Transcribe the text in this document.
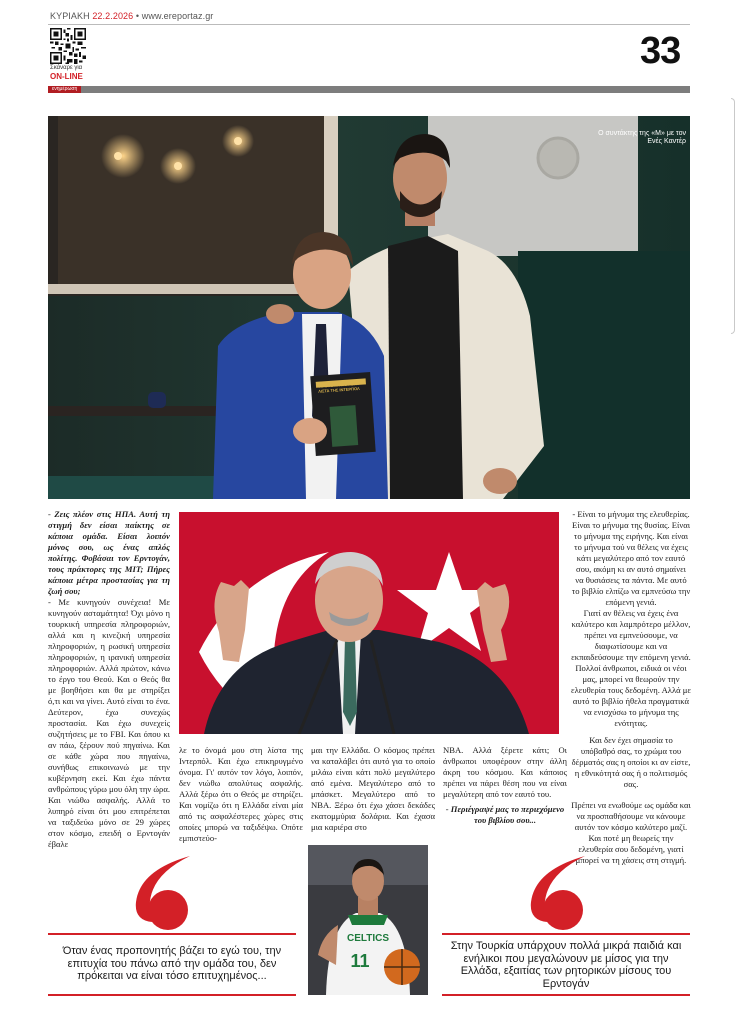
ΚΥΡΙΑΚΗ 22.2.2026 • www.ereportaz.gr
Σκάναρε για
ON-LINE
33
ενημέρωση
Ο συντάκτης της «Μ» με τον Ενές Καντέρ

- Ζεις πλέον στις ΗΠΑ. Αυτή τη στιγμή δεν είσαι παίκτης σε κάποια ομάδα. Είσαι λοιπόν μόνος σου, ως ένας απλός πολίτης. Φοβάσαι τον Ερντογάν, τους πράκτορες της ΜΙΤ; Πήρες κάποια μέτρα προστασίας για τη ζωή σου;

- Με κυνηγούν συνέχεια! Με κυνηγούν ασταμάτητα! Όχι μόνο η τουρκική υπηρεσία πληροφοριών, αλλά και η κινεζική υπηρεσία πληροφοριών, η ρωσική υπηρεσία πληροφοριών, η ιρανική υπηρεσία πληροφοριών. Αλλά πρώτον, κάνω το έργο του Θεού. Και ο Θεός θα με βοηθήσει και θα με στηρίξει ό,τι και να γίνει. Αυτό είναι το ένα. Δεύτερον, έχω συνεχώς προστασία. Και έχω συνεχείς συζητήσεις με το FBI. Και όπου κι αν πάω, ξέρουν πού πηγαίνω. Και σε κάθε χώρα που πηγαίνω, συνήθως επικοινωνώ με την κυβέρνηση εκεί. Και έχω πάντα ανθρώπους γύρω μου όλη την ώρα. Και νιώθω ασφαλής. Αλλά το λυπηρό είναι ότι μου επιτρέπεται να ταξιδεύω μόνο σε 29 χώρες στον κόσμο, επειδή ο Ερντογάν έβαλε

λε το όνομά μου στη λίστα της Ιντερπόλ. Και έχω επικηρυγμένο όνομα. Γι' αυτόν τον λόγο, λοιπόν, δεν νιώθω απολύτως ασφαλής. Αλλά ξέρω ότι ο Θεός με στηρίζει. Και νομίζω ότι η Ελλάδα είναι μία από τις ασφαλέστερες χώρες στις οποίες μπορώ να ταξιδέψω. Οπότε εμπιστεύο-
μαι την Ελλάδα. Ο κόσμος πρέπει να καταλάβει ότι αυτό για το οποίο μιλάω είναι κάτι πολύ μεγαλύτερο από εμένα. Μεγαλύτερο από το μπάσκετ. Μεγαλύτερο από το NBA. Ξέρω ότι έχω χάσει δεκάδες εκατομμύρια δολάρια. Και έχασα μια καριέρα στο

NBA. Αλλά ξέρετε κάτι; Οι άνθρωποι υποφέρουν στην άλλη άκρη του κόσμου. Και κάποιος πρέπει να πάρει θέση που να είναι μεγαλύτερη από τον εαυτό του.

- Περιέγραψέ μας το περιεχόμενο του βιβλίου σου...

- Είναι το μήνυμα της ελευθερίας. Είναι το μήνυμα της θυσίας. Είναι το μήνυμα της ειρήνης. Και είναι το μήνυμα τού να θέλεις να έχεις κάτι μεγαλύτερο από τον εαυτό σου, ακόμη κι αν αυτό σημαίνει να θυσιάσεις τα πάντα. Με αυτό το βιβλίο ελπίζω να εμπνεύσω την επόμενη γενιά.

Γιατί αν θέλεις να έχεις ένα καλύτερο και λαμπρότερο μέλλον, πρέπει να εμπνεύσουμε, να διαφωτίσουμε και να εκπαιδεύσουμε την επόμενη γενιά. Πολλοί άνθρωποι, ειδικά οι νέοι μας, μπορεί να θεωρούν την ελευθερία τους δεδομένη. Αλλά με αυτό το βιβλίο ήθελα πραγματικά να ενισχύσω το μήνυμα της ενότητας.

Και δεν έχει σημασία το υπόβαθρό σας, το χρώμα του δέρματός σας η οποίοι κι αν είστε, η εθνικότητά σας ή ο πολιτισμός σας.

Πρέπει να ενωθούμε ως ομάδα και να προσπαθήσουμε να κάνουμε αυτόν τον κόσμο καλύτερο μαζί. Και ποτέ μη θεωρείς την ελευθερία σου δεδομένη, γιατί μπορεί να τη χάσεις στη στιγμή.

Όταν ένας προπονητής βάζει το εγώ του, την επιτυχία του πάνω από την ομάδα του, δεν πρόκειται να είναι τόσο επιτυχημένος...
CELTICS
11
Στην Τουρκία υπάρχουν πολλά μικρά παιδιά και ενήλικοι που μεγαλώνουν με μίσος για την Ελλάδα, εξαιτίας των ρητορικών μίσους του Ερντογάν
ΤΟ ΟΝΟΜΑ ΜΟΥ ΣΤΗ ΛΙΣΤΑ ΤΗΣ ΙΝΤΕΡΠΟΛ
